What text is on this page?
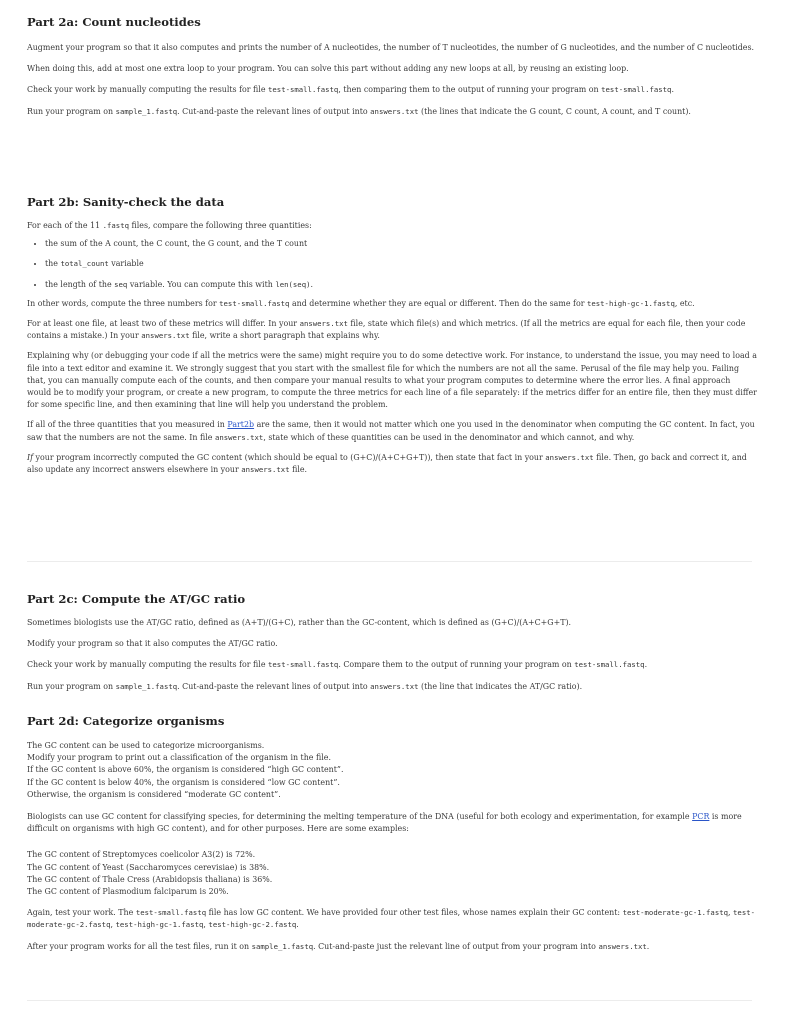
Part 2a: Count nucleotides

Augment your program so that it also computes and prints the number of A nucleotides, the number of T nucleotides, the number of G nucleotides, and the number of C nucleotides.

When doing this, add at most one extra loop to your program. You can solve this part without adding any new loops at all, by reusing an existing loop.

Check your work by manually computing the results for file test-small.fastq, then comparing them to the output of running your program on test-small.fastq.

Run your program on sample_1.fastq. Cut-and-paste the relevant lines of output into answers.txt (the lines that indicate the G count, C count, A count, and T count).

Part 2b: Sanity-check the data

For each of the 11 .fastq files, compare the following three quantities:

• the sum of the A count, the C count, the G count, and the T count
• the total_count variable
• the length of the seq variable. You can compute this with len(seq).

In other words, compute the three numbers for test-small.fastq and determine whether they are equal or different. Then do the same for test-high-gc-1.fastq, etc.

For at least one file, at least two of these metrics will differ. In your answers.txt file, state which file(s) and which metrics. (If all the metrics are equal for each file, then your code contains a mistake.) In your answers.txt file, write a short paragraph that explains why.

Explaining why (or debugging your code if all the metrics were the same) might require you to do some detective work. For instance, to understand the issue, you may need to load a file into a text editor and examine it. We strongly suggest that you start with the smallest file for which the numbers are not all the same. Perusal of the file may help you. Failing that, you can manually compute each of the counts, and then compare your manual results to what your program computes to determine where the error lies. A final approach would be to modify your program, or create a new program, to compute the three metrics for each line of a file separately: if the metrics differ for an entire file, then they must differ for some specific line, and then examining that line will help you understand the problem.

If all of the three quantities that you measured in Part2b are the same, then it would not matter which one you used in the denominator when computing the GC content. In fact, you saw that the numbers are not the same. In file answers.txt, state which of these quantities can be used in the denominator and which cannot, and why.

If your program incorrectly computed the GC content (which should be equal to (G+C)/(A+C+G+T)), then state that fact in your answers.txt file. Then, go back and correct it, and also update any incorrect answers elsewhere in your answers.txt file.

Part 2c: Compute the AT/GC ratio

Sometimes biologists use the AT/GC ratio, defined as (A+T)/(G+C), rather than the GC-content, which is defined as (G+C)/(A+C+G+T).

Modify your program so that it also computes the AT/GC ratio.

Check your work by manually computing the results for file test-small.fastq. Compare them to the output of running your program on test-small.fastq.

Run your program on sample_1.fastq. Cut-and-paste the relevant lines of output into answers.txt (the line that indicates the AT/GC ratio).

Part 2d: Categorize organisms
The GC content can be used to categorize microorganisms.
Modify your program to print out a classification of the organism in the file.
If the GC content is above 60%, the organism is considered “high GC content”.
If the GC content is below 40%, the organism is considered “low GC content”.
Otherwise, the organism is considered “moderate GC content”.

Biologists can use GC content for classifying species, for determining the melting temperature of the DNA (useful for both ecology and experimentation, for example PCR is more difficult on organisms with high GC content), and for other purposes. Here are some examples:

The GC content of Streptomyces coelicolor A3(2) is 72%.
The GC content of Yeast (Saccharomyces cerevisiae) is 38%.
The GC content of Thale Cress (Arabidopsis thaliana) is 36%.
The GC content of Plasmodium falciparum is 20%.

Again, test your work. The test-small.fastq file has low GC content. We have provided four other test files, whose names explain their GC content: test-moderate-gc-1.fastq, test-moderate-gc-2.fastq, test-high-gc-1.fastq, test-high-gc-2.fastq.

After your program works for all the test files, run it on sample_1.fastq. Cut-and-paste just the relevant line of output from your program into answers.txt.
